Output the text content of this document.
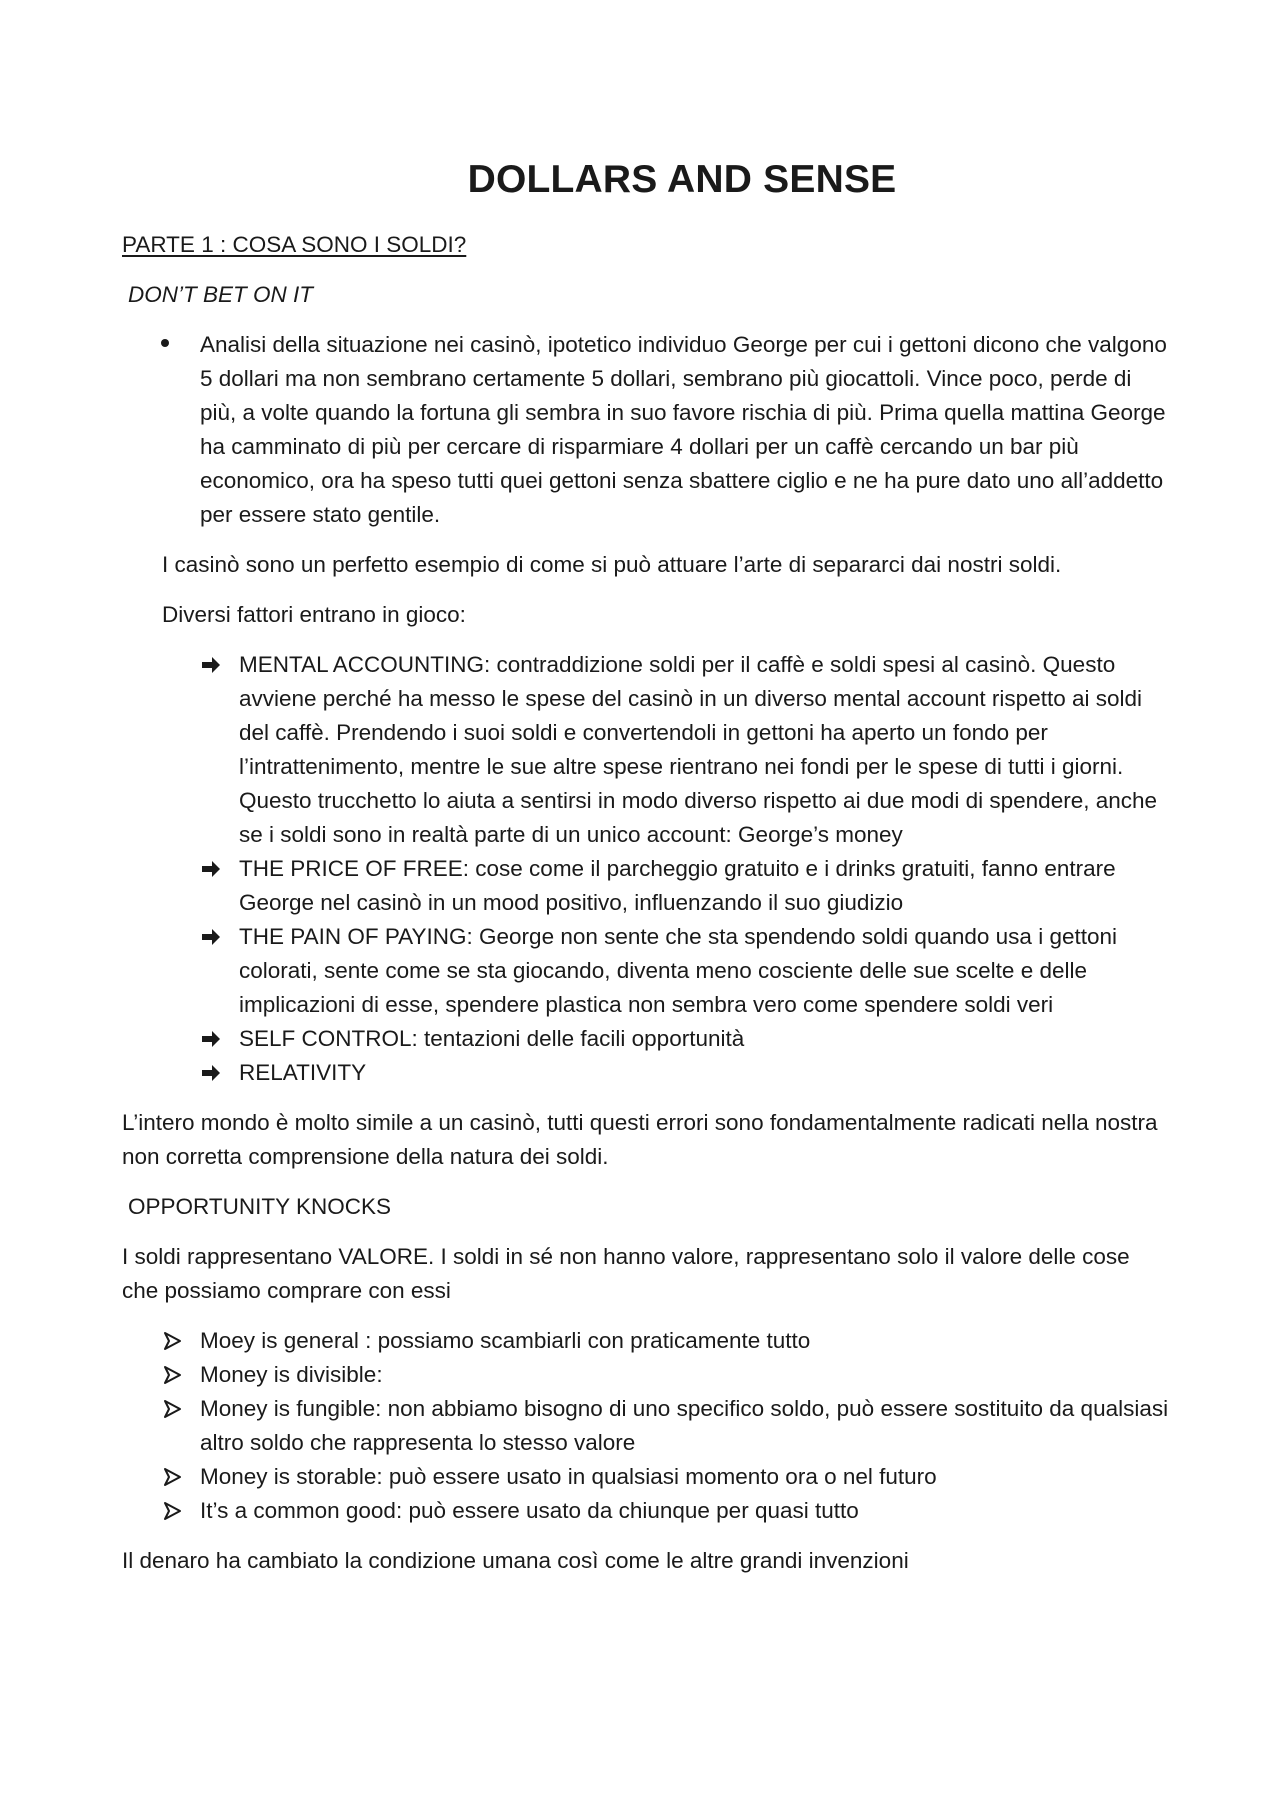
DOLLARS AND SENSE
PARTE 1 : COSA SONO I SOLDI?
DON’T BET ON IT
Analisi della situazione nei casinò, ipotetico individuo George per cui i gettoni dicono che valgono 5 dollari ma non sembrano certamente 5 dollari, sembrano più giocattoli. Vince poco, perde di più, a volte quando la fortuna gli sembra in suo favore rischia di più. Prima quella mattina George ha camminato di più per cercare di risparmiare 4 dollari per un caffè cercando un bar più economico, ora ha speso tutti quei gettoni senza sbattere ciglio e ne ha pure dato uno all’addetto per essere stato gentile.

I casinò sono un perfetto esempio di come si può attuare l’arte di separarci dai nostri soldi.

Diversi fattori entrano in gioco:

MENTAL ACCOUNTING: contraddizione soldi per il caffè e soldi spesi al casinò. Questo avviene perché ha messo le spese del casinò in un diverso mental account rispetto ai soldi del caffè. Prendendo i suoi soldi e convertendoli in gettoni ha aperto un fondo per l’intrattenimento, mentre le sue altre spese rientrano nei fondi per le spese di tutti i giorni. Questo trucchetto lo aiuta a sentirsi in modo diverso rispetto ai due modi di spendere, anche se i soldi sono in realtà parte di un unico account: George’s money
THE PRICE OF FREE: cose come il parcheggio gratuito e i drinks gratuiti, fanno entrare George nel casinò in un mood positivo, influenzando il suo giudizio
THE PAIN OF PAYING: George non sente che sta spendendo soldi quando usa i gettoni colorati, sente come se sta giocando, diventa meno cosciente delle sue scelte e delle implicazioni di esse, spendere plastica non sembra vero come spendere soldi veri
SELF CONTROL: tentazioni delle facili opportunità
RELATIVITY

L’intero mondo è molto simile a un casinò, tutti questi errori sono fondamentalmente radicati nella nostra non corretta comprensione della natura dei soldi.

OPPORTUNITY KNOCKS

I soldi rappresentano VALORE. I soldi in sé non hanno valore, rappresentano solo il valore delle cose che possiamo comprare con essi

Moey is general : possiamo scambiarli con praticamente tutto
Money is divisible:
Money is fungible: non abbiamo bisogno di uno specifico soldo, può essere sostituito da qualsiasi altro soldo che rappresenta lo stesso valore
Money is storable: può essere usato in qualsiasi momento ora o nel futuro
It’s a common good: può essere usato da chiunque per quasi tutto

Il denaro ha cambiato la condizione umana così come le altre grandi invenzioni
